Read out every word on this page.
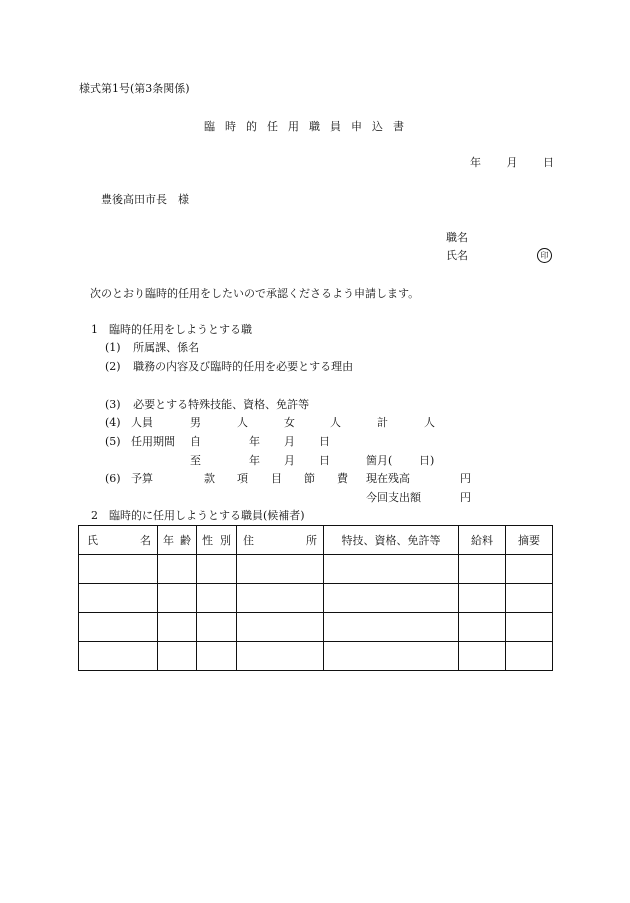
様式第1号(第3条関係)
臨 時 的 任 用 職 員 申 込 書
年 月 日
豊後高田市長　様
職名
氏名	印
次のとおり臨時的任用をしたいので承認くださるよう申請します。
1　臨時的任用をしようとする職
(1) 所属課、係名
(2) 職務の内容及び臨時的任用を必要とする理由
(3) 必要とする特殊技能、資格、免許等
(4) 人員	男	人	女	人	計	人
(5) 任用期間 自	年 月 日
至	年 月 日	箇月( 日)
(6) 予算	款 項 目 節 費 現在残高	円
今回支出額	円
2　臨時的に任用しようとする職員(候補者)
氏 名	年 齢	性 別	住 所	特技、資格、免許等	給料	摘要
